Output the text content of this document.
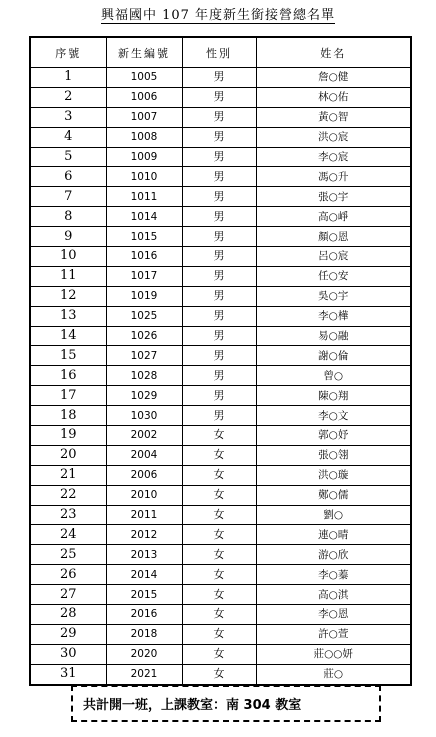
興福國中 107 年度新生銜接營總名單
序號	新生編號	性別	姓名
1	1005	男	詹○健
2	1006	男	林○佑
3	1007	男	黃○智
4	1008	男	洪○宸
5	1009	男	李○宸
6	1010	男	馮○升
7	1011	男	張○宇
8	1014	男	高○崢
9	1015	男	顏○恩
10	1016	男	呂○宸
11	1017	男	任○安
12	1019	男	吳○宇
13	1025	男	李○樺
14	1026	男	易○融
15	1027	男	謝○倫
16	1028	男	曾○
17	1029	男	陳○翔
18	1030	男	李○文
19	2002	女	郭○妤
20	2004	女	張○翎
21	2006	女	洪○璇
22	2010	女	鄭○儒
23	2011	女	劉○
24	2012	女	連○晴
25	2013	女	游○欣
26	2014	女	李○蓁
27	2015	女	高○淇
28	2016	女	李○恩
29	2018	女	許○萱
30	2020	女	莊○○妍
31	2021	女	莊○
共計開一班，上課教室：南 304 教室
